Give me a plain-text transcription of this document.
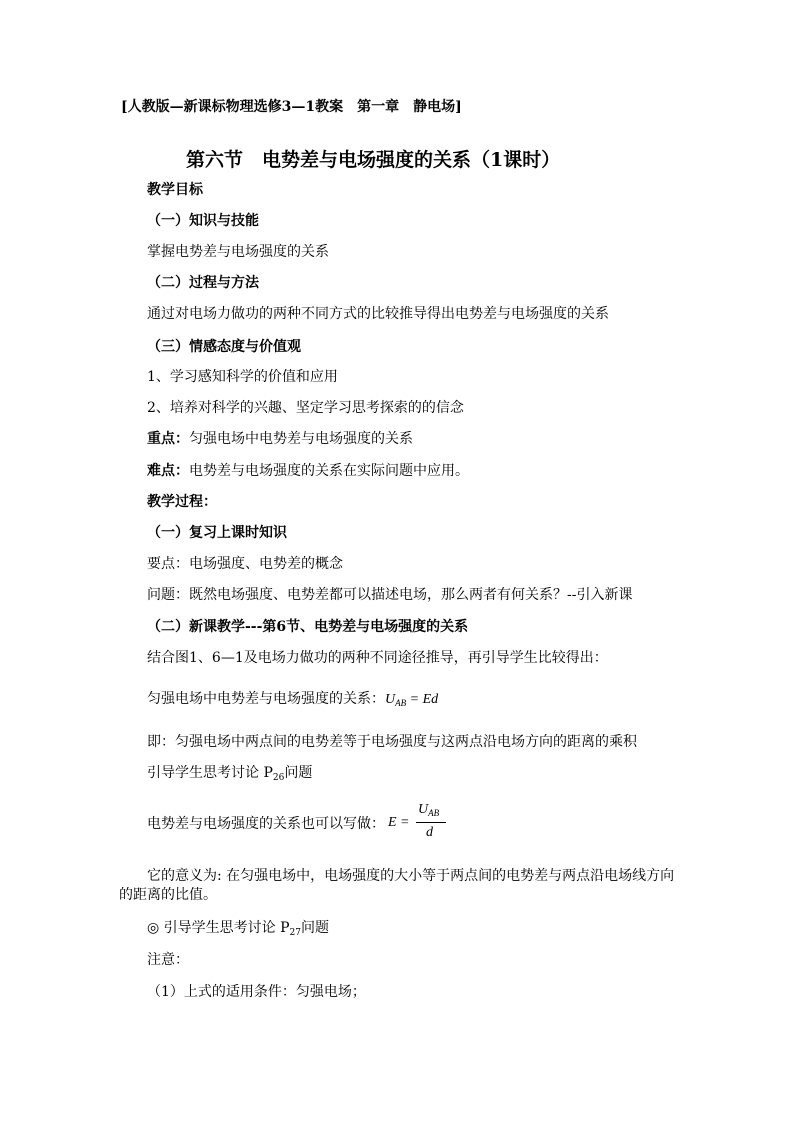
[人教版—新课标物理选修3—1教案　第一章　静电场]
第六节　电势差与电场强度的关系（1课时）
教学目标
（一）知识与技能
掌握电势差与电场强度的关系
（二）过程与方法
通过对电场力做功的两种不同方式的比较推导得出电势差与电场强度的关系
（三）情感态度与价值观
1、学习感知科学的价值和应用
2、培养对科学的兴趣、坚定学习思考探索的的信念
重点：匀强电场中电势差与电场强度的关系
难点：电势差与电场强度的关系在实际问题中应用。
教学过程：
（一）复习上课时知识
要点：电场强度、电势差的概念
问题：既然电场强度、电势差都可以描述电场，那么两者有何关系？--引入新课
（二）新课教学---第6节、电势差与电场强度的关系
结合图1、6—1及电场力做功的两种不同途径推导，再引导学生比较得出：
匀强电场中电势差与电场强度的关系：$U_{AB} = Ed$
即：匀强电场中两点间的电势差等于电场强度与这两点沿电场方向的距离的乘积
引导学生思考讨论 $P_{26}$问题
电势差与电场强度的关系也可以写做： E =
$U_{AB}$
d
它的意义为: 在匀强电场中，电场强度的大小等于两点间的电势差与两点沿电场线方向
的距离的比值。
◎ 引导学生思考讨论 $P_{27}$问题
注意：
（1）上式的适用条件：匀强电场；
